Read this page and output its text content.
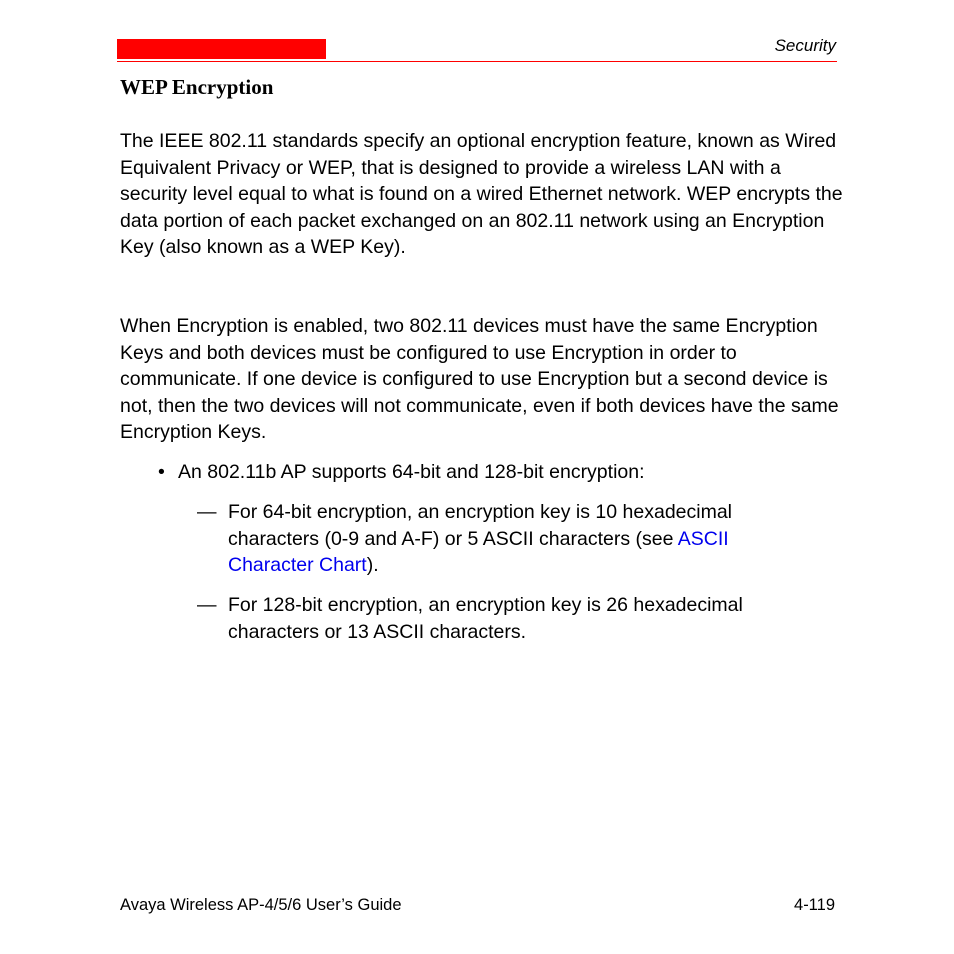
Security
WEP Encryption

The IEEE 802.11 standards specify an optional encryption feature, known as Wired Equivalent Privacy or WEP, that is designed to provide a wireless LAN with a security level equal to what is found on a wired Ethernet network. WEP encrypts the data portion of each packet exchanged on an 802.11 network using an Encryption Key (also known as a WEP Key).

When Encryption is enabled, two 802.11 devices must have the same Encryption Keys and both devices must be configured to use Encryption in order to communicate. If one device is configured to use Encryption but a second device is not, then the two devices will not communicate, even if both devices have the same Encryption Keys.

• An 802.11b AP supports 64-bit and 128-bit encryption:

— For 64-bit encryption, an encryption key is 10 hexadecimal characters (0-9 and A-F) or 5 ASCII characters (see ASCII Character Chart).

— For 128-bit encryption, an encryption key is 26 hexadecimal characters or 13 ASCII characters.

Avaya Wireless AP-4/5/6 User’s Guide	4-119
